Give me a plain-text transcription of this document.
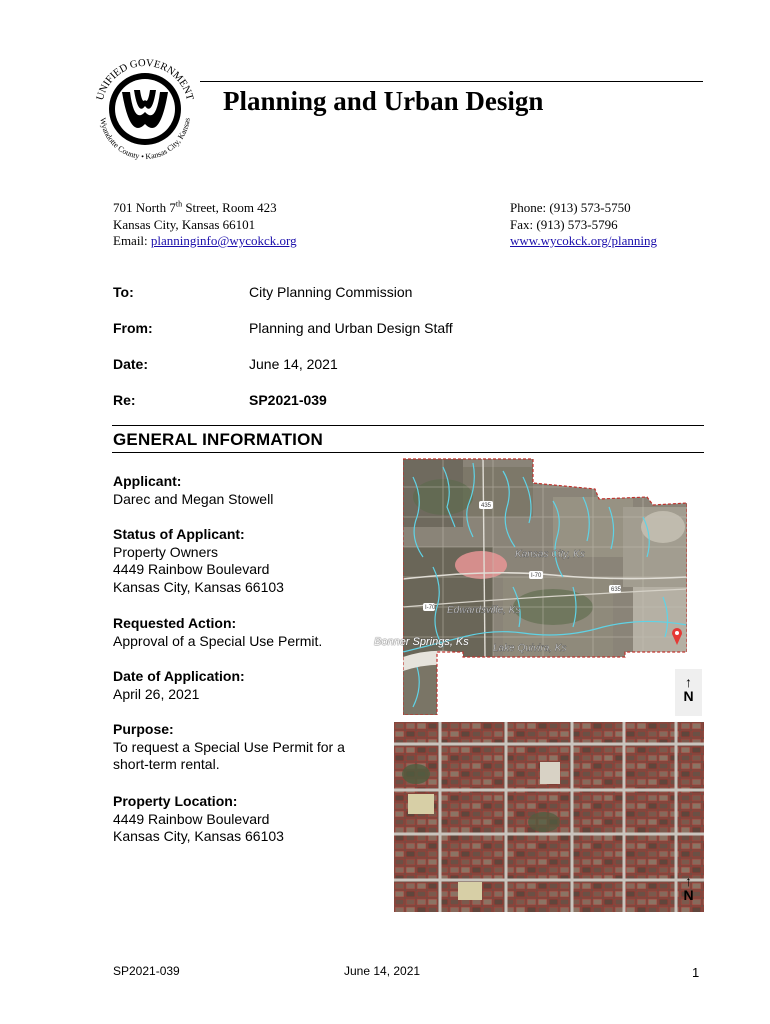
UNIFIED GOVERNMENT
Wyandotte County • Kansas City, Kansas
Planning and Urban Design
701 North 7th Street, Room 423
Kansas City, Kansas 66101
Email: planninginfo@wycokck.org
Phone: (913) 573-5750
Fax: (913) 573-5796
www.wycokck.org/planning
To:	City Planning Commission
From:	Planning and Urban Design Staff
Date:	June 14, 2021
Re:	SP2021-039
GENERAL INFORMATION
Applicant:
Darec and Megan Stowell
Status of Applicant:
Property Owners
4449 Rainbow Boulevard
Kansas City, Kansas 66103
Requested Action:
Approval of a Special Use Permit.
Date of Application:
April 26, 2021
Purpose:
To request a Special Use Permit for a
short-term rental.
Property Location:
4449 Rainbow Boulevard
Kansas City, Kansas 66103
435
I-70
I-70
635
Kansas City, Ks
Edwardsville, Ks
Lake Quivira, Ks
Bonner Springs, Ks
↑
N
↑
N
SP2021-039	June 14, 2021	1
